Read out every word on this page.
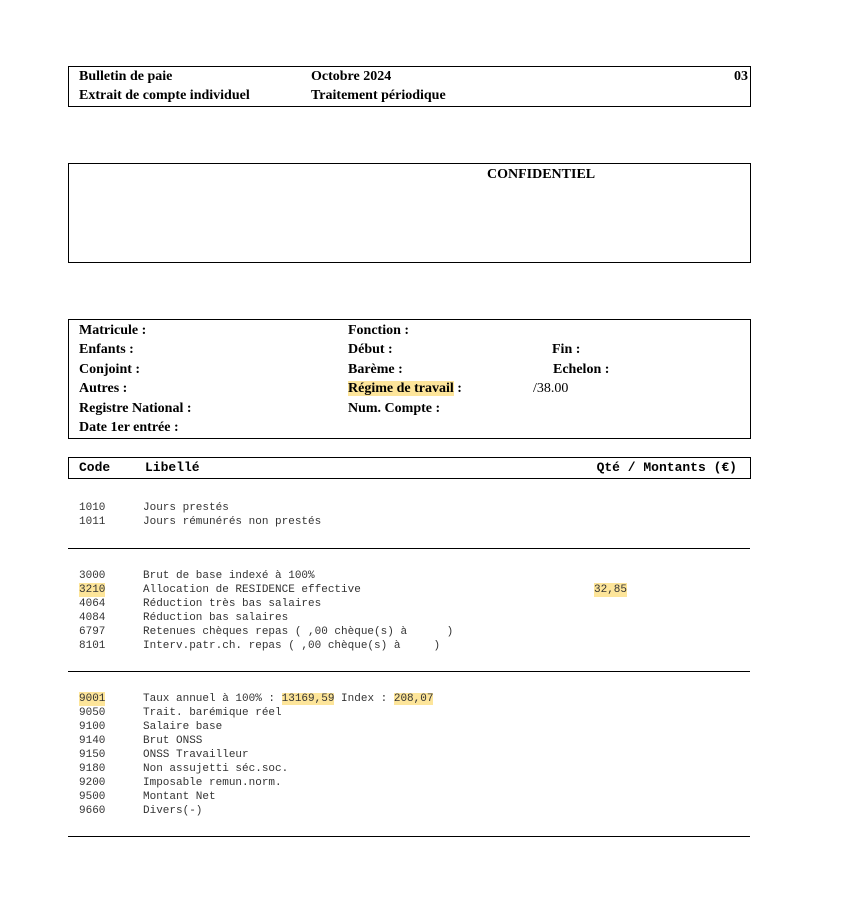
Bulletin de paie
Extrait de compte individuel
Octobre 2024
Traitement périodique
03
CONFIDENTIEL
Matricule :
Enfants :
Conjoint :
Autres :
Registre National :
Date 1er entrée :
Fonction :
Début :
Barème :
Régime de travail :	/38.00
Num. Compte :
Fin :
Echelon :
Code	Libellé	Qté / Montants (€)
1010	Jours prestés
1011	Jours rémunérés non prestés
3000	Brut de base indexé à 100%
3210	Allocation de RESIDENCE effective	32,85
4064	Réduction très bas salaires
4084	Réduction bas salaires
6797	Retenues chèques repas ( ,00 chèque(s) à      )
8101	Interv.patr.ch. repas ( ,00 chèque(s) à     )
9001	Taux annuel à 100% : 13169,59 Index : 208,07
9050	Trait. barémique réel
9100	Salaire base
9140	Brut ONSS
9150	ONSS Travailleur
9180	Non assujetti séc.soc.
9200	Imposable remun.norm.
9500	Montant Net
9660	Divers(-)
